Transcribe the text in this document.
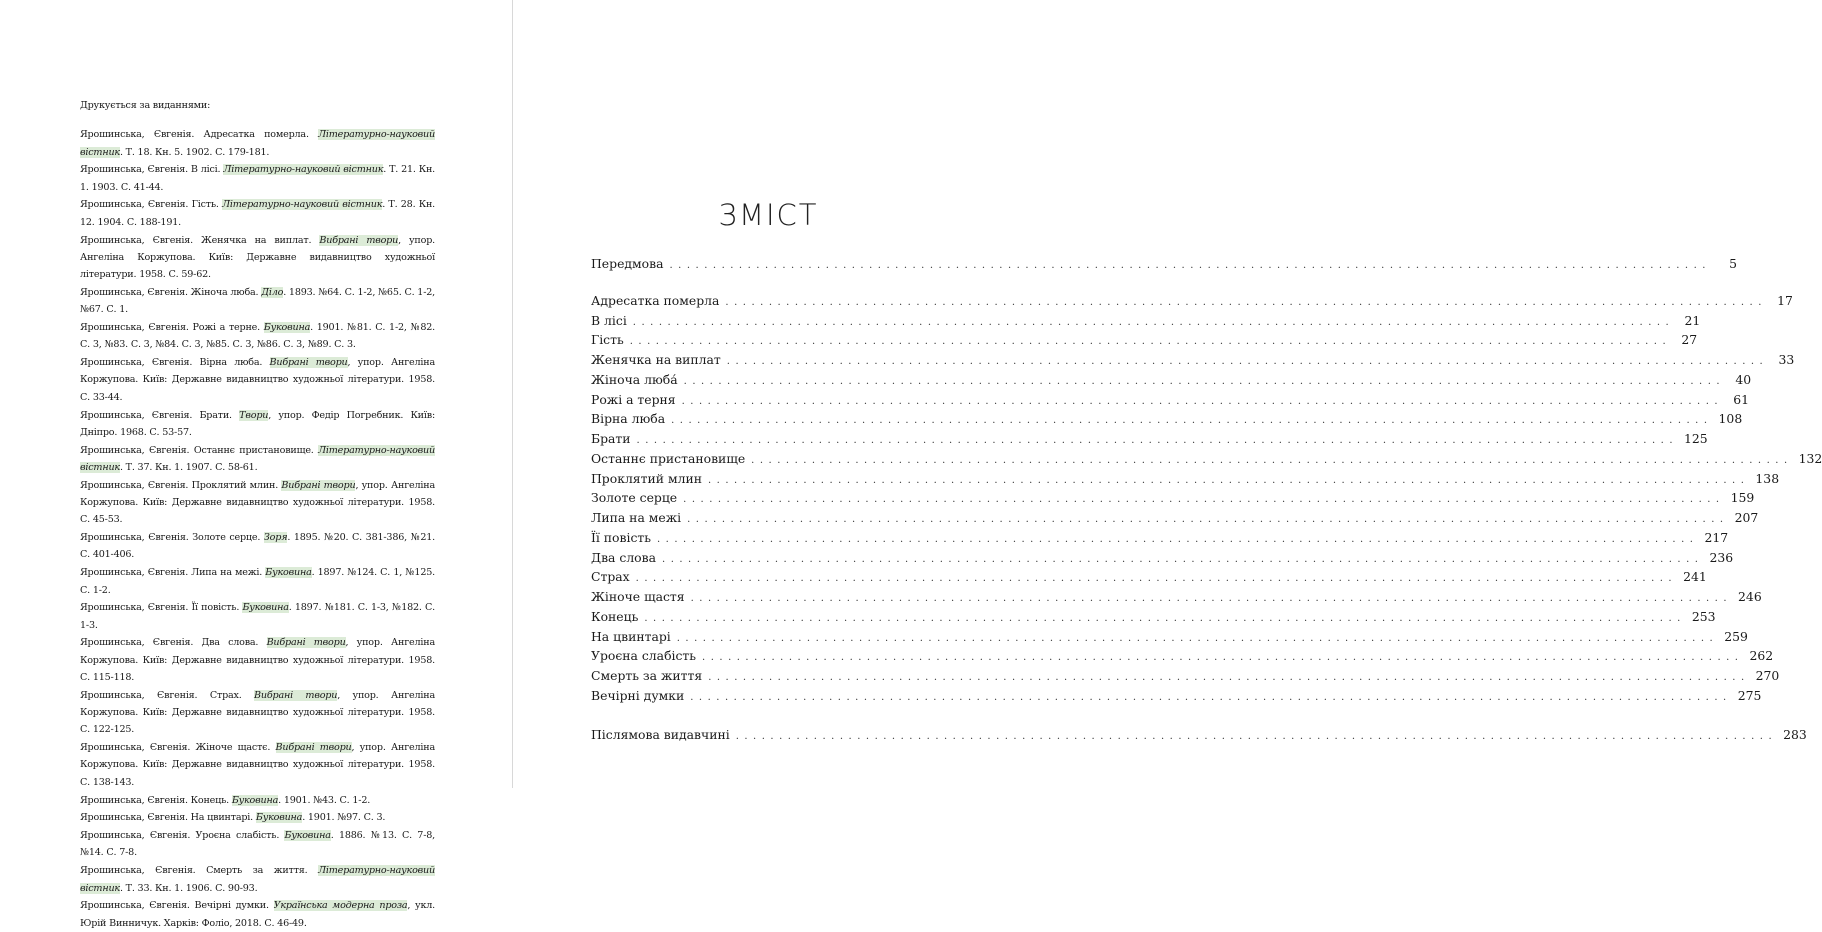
Друкується за виданнями:

Ярошинська, Євгенія. Адресатка померла. Літературно-науковий вістник. Т. 18. Кн. 5. 1902. С. 179-181.

Ярошинська, Євгенія. В лісі. Літературно-науковий вістник. Т. 21. Кн. 1. 1903. С. 41-44.

Ярошинська, Євгенія. Гість. Літературно-науковий вістник. Т. 28. Кн. 12. 1904. С. 188-191.

Ярошинська, Євгенія. Женячка на виплат. Вибрані твори, упор. Ангеліна Коржупова. Київ: Державне видавництво художньої літератури. 1958. С. 59-62.

Ярошинська, Євгенія. Жіноча люба. Діло. 1893. №64. С. 1-2, №65. С. 1-2, №67. С. 1.

Ярошинська, Євгенія. Рожі а терне. Буковина. 1901. №81. С. 1-2, №82. С. 3, №83. С. 3, №84. С. 3, №85. С. 3, №86. С. 3, №89. С. 3.

Ярошинська, Євгенія. Вірна люба. Вибрані твори, упор. Ангеліна Коржупова. Київ: Державне видавництво художньої літератури. 1958. С. 33-44.

Ярошинська, Євгенія. Брати. Твори, упор. Федір Погребник. Київ: Дніпро. 1968. С. 53-57.

Ярошинська, Євгенія. Останнє пристановище. Літературно-науковий вістник. Т. 37. Кн. 1. 1907. С. 58-61.

Ярошинська, Євгенія. Проклятий млин. Вибрані твори, упор. Ангеліна Коржупова. Київ: Державне видавництво художньої літератури. 1958. С. 45-53.

Ярошинська, Євгенія. Золоте серце. Зоря. 1895. №20. С. 381-386, №21. С. 401-406.

Ярошинська, Євгенія. Липа на межі. Буковина. 1897. №124. С. 1, №125. С. 1-2.

Ярошинська, Євгенія. Її повість. Буковина. 1897. №181. С. 1-3, №182. С. 1-3.

Ярошинська, Євгенія. Два слова. Вибрані твори, упор. Ангеліна Коржупова. Київ: Державне видавництво художньої літератури. 1958. С. 115-118.

Ярошинська, Євгенія. Страх. Вибрані твори, упор. Ангеліна Коржупова. Київ: Державне видавництво художньої літератури. 1958. С. 122-125.

Ярошинська, Євгенія. Жіноче щастє. Вибрані твори, упор. Ангеліна Коржупова. Київ: Державне видавництво художньої літератури. 1958. С. 138-143.

Ярошинська, Євгенія. Конець. Буковина. 1901. №43. С. 1-2.

Ярошинська, Євгенія. На цвинтарі. Буковина. 1901. №97. С. 3.

Ярошинська, Євгенія. Уроєна слабість. Буковина. 1886. №13. С. 7-8, №14. С. 7-8.

Ярошинська, Євгенія. Смерть за життя. Літературно-науковий вістник. Т. 33. Кн. 1. 1906. С. 90-93.

Ярошинська, Євгенія. Вечірні думки. Українська модерна проза, укл. Юрій Винничук. Харків: Фоліо, 2018. С. 46-49.

ЗМІСТ
Передмова ........................................................................................................................	5
Адресатка померла ........................................................................................................................ 17
В лісі ........................................................................................................................ 21
Гість ........................................................................................................................ 27
Женячка на виплат ........................................................................................................................ 33
Жіноча люба́ ........................................................................................................................ 40
Рожі а терня ........................................................................................................................ 61
Вірна люба ........................................................................................................................ 108
Брати ........................................................................................................................ 125
Останнє пристановище ........................................................................................................................ 132
Проклятий млин ........................................................................................................................ 138
Золоте серце ........................................................................................................................ 159
Липа на межі ........................................................................................................................ 207
Її повість ........................................................................................................................ 217
Два слова ........................................................................................................................ 236
Страх ........................................................................................................................ 241
Жіноче щастя ........................................................................................................................ 246
Конець ........................................................................................................................ 253
На цвинтарі ........................................................................................................................ 259
Уроєна слабість ........................................................................................................................ 262
Смерть за життя ........................................................................................................................ 270
Вечірні думки ........................................................................................................................ 275
Післямова видавчині ........................................................................................................................ 283
